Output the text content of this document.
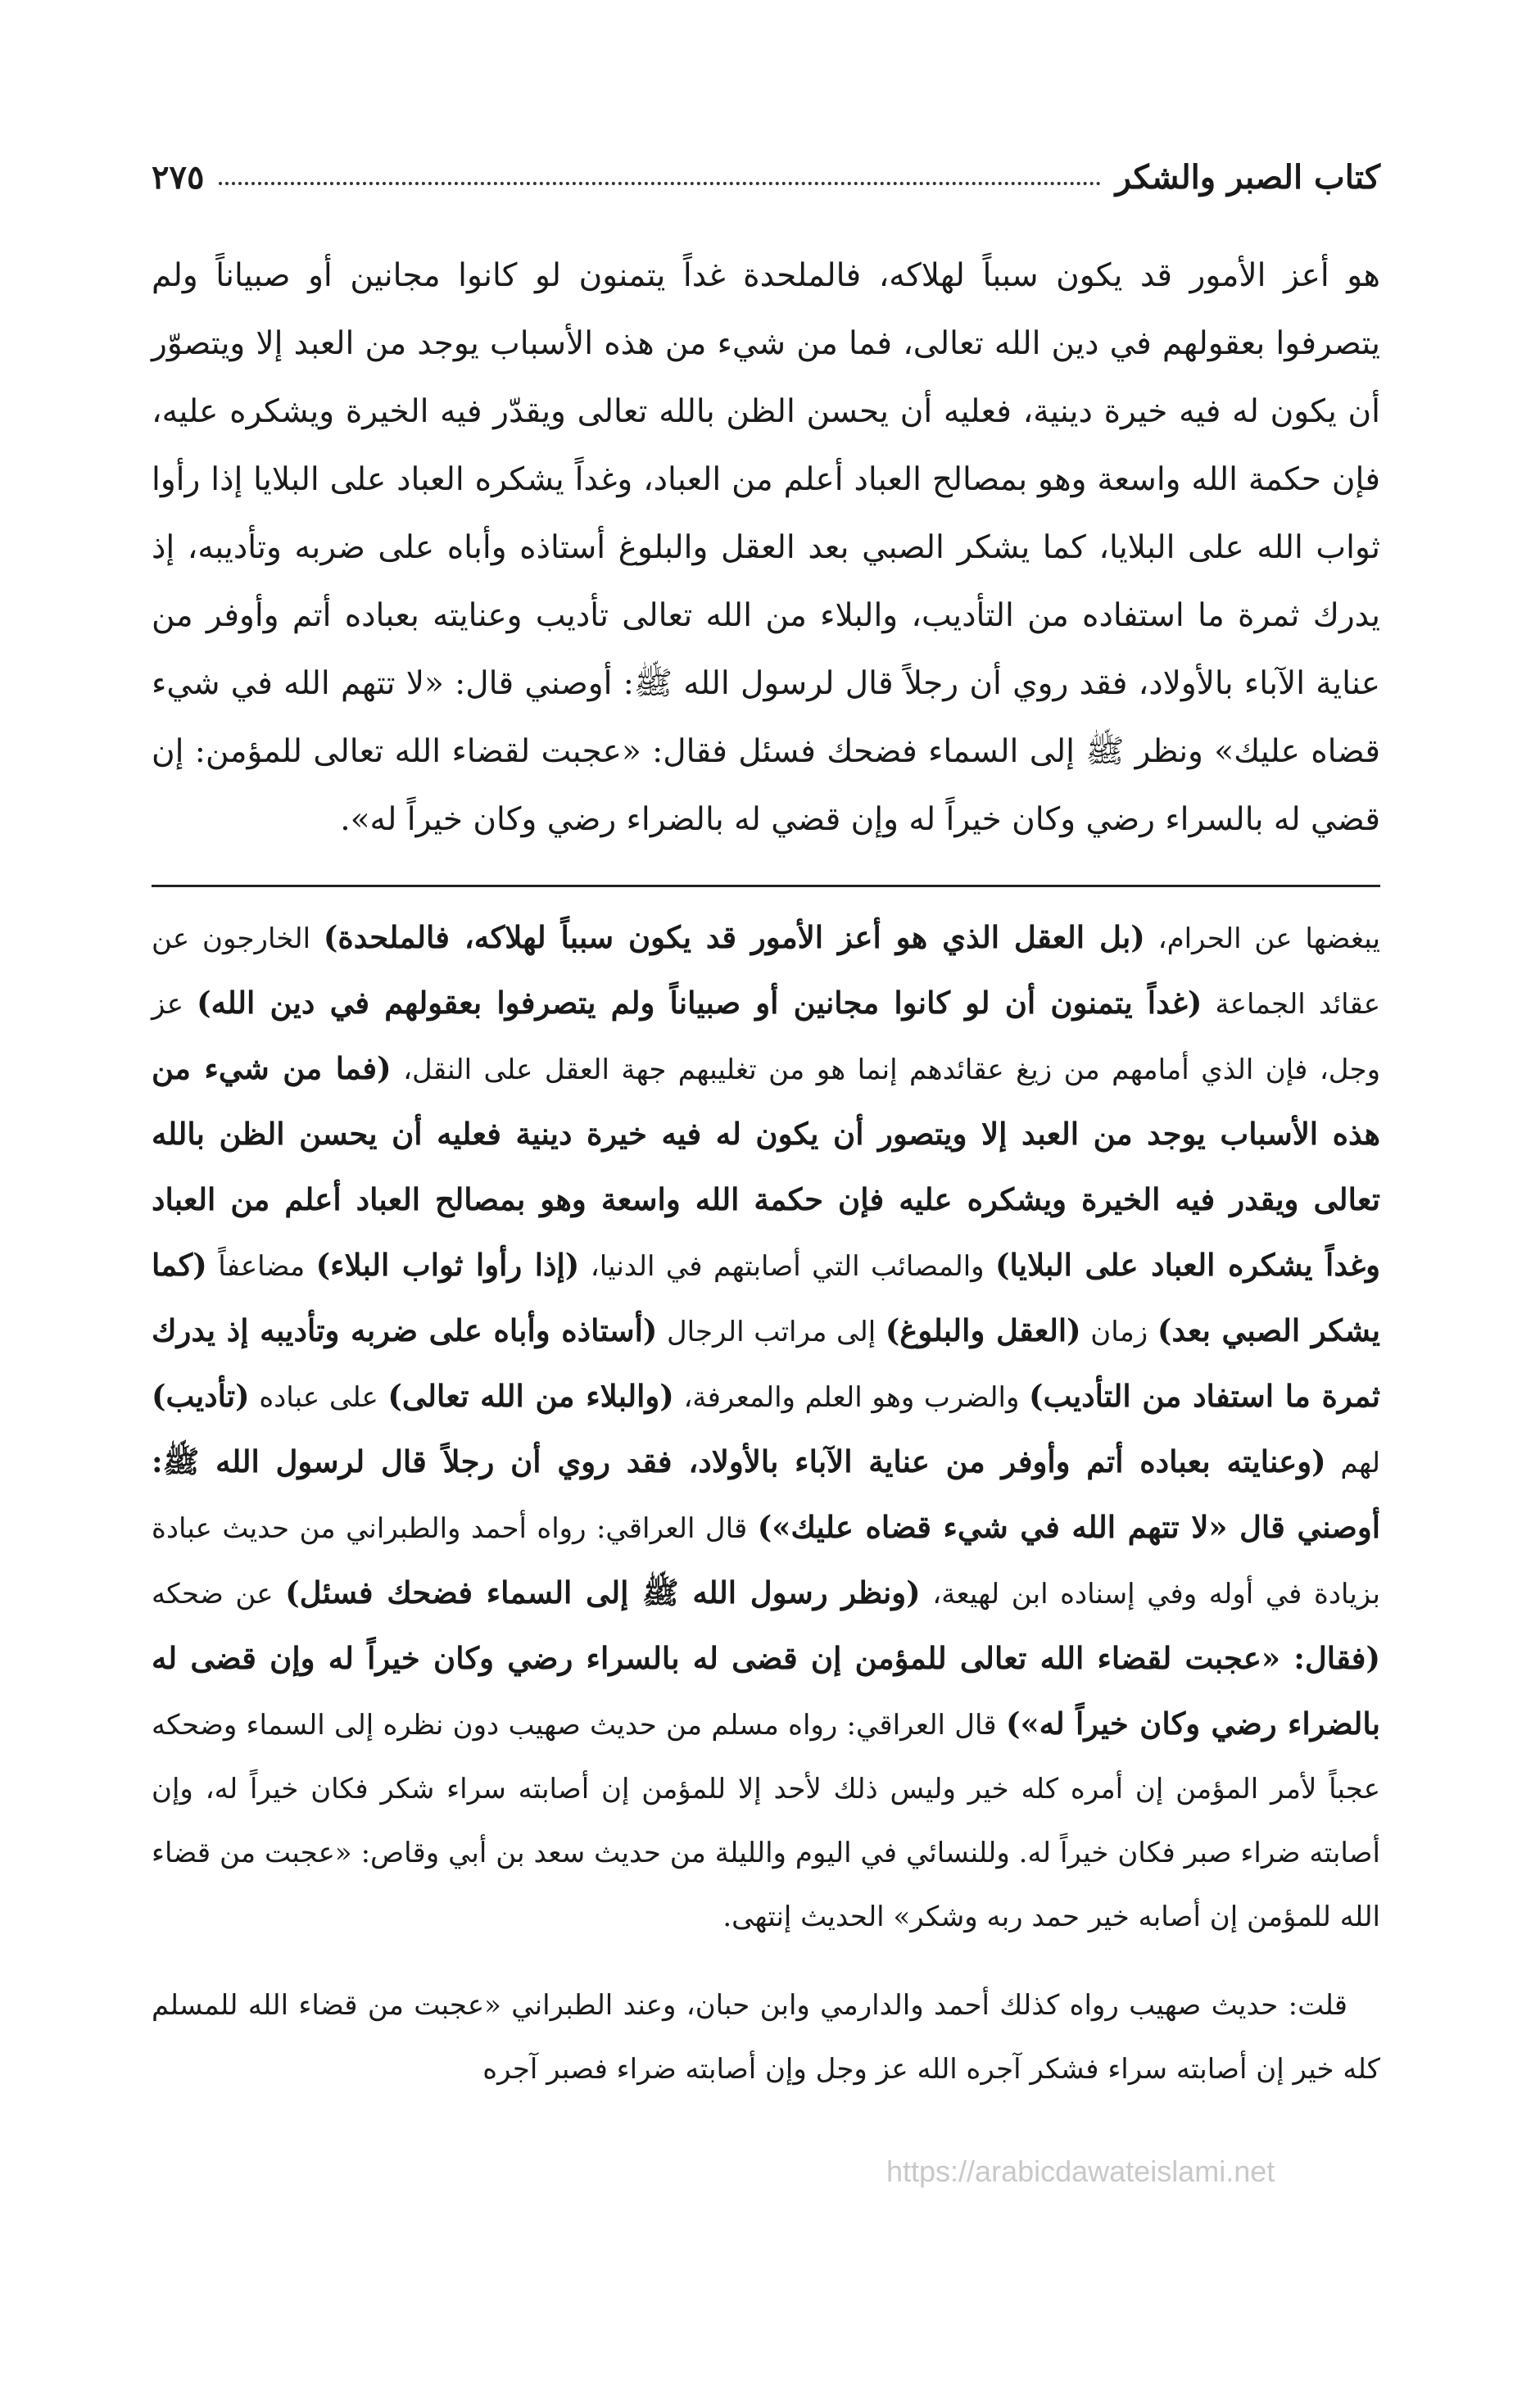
كتاب الصبر والشكر
٢٧٥

هو أعز الأمور قد يكون سبباً لهلاكه، فالملحدة غداً يتمنون لو كانوا مجانين أو صبياناً ولم يتصرفوا بعقولهم في دين الله تعالى، فما من شيء من هذه الأسباب يوجد من العبد إلا ويتصوّر أن يكون له فيه خيرة دينية، فعليه أن يحسن الظن بالله تعالى ويقدّر فيه الخيرة ويشكره عليه، فإن حكمة الله واسعة وهو بمصالح العباد أعلم من العباد، وغداً يشكره العباد على البلايا إذا رأوا ثواب الله على البلايا، كما يشكر الصبي بعد العقل والبلوغ أستاذه وأباه على ضربه وتأديبه، إذ يدرك ثمرة ما استفاده من التأديب، والبلاء من الله تعالى تأديب وعنايته بعباده أتم وأوفر من عناية الآباء بالأولاد، فقد روي أن رجلاً قال لرسول الله ﷺ: أوصني قال: «لا تتهم الله في شيء قضاه عليك» ونظر ﷺ إلى السماء فضحك فسئل فقال: «عجبت لقضاء الله تعالى للمؤمن: إن قضي له بالسراء رضي وكان خيراً له وإن قضي له بالضراء رضي وكان خيراً له».

يبغضها عن الحرام، (بل العقل الذي هو أعز الأمور قد يكون سبباً لهلاكه، فالملحدة) الخارجون عن عقائد الجماعة (غداً يتمنون أن لو كانوا مجانين أو صبياناً ولم يتصرفوا بعقولهم في دين الله) عز وجل، فإن الذي أمامهم من زيغ عقائدهم إنما هو من تغليبهم جهة العقل على النقل، (فما من شيء من هذه الأسباب يوجد من العبد إلا ويتصور أن يكون له فيه خيرة دينية فعليه أن يحسن الظن بالله تعالى ويقدر فيه الخيرة ويشكره عليه فإن حكمة الله واسعة وهو بمصالح العباد أعلم من العباد وغداً يشكره العباد على البلايا) والمصائب التي أصابتهم في الدنيا، (إذا رأوا ثواب البلاء) مضاعفاً (كما يشكر الصبي بعد) زمان (العقل والبلوغ) إلى مراتب الرجال (أستاذه وأباه على ضربه وتأديبه إذ يدرك ثمرة ما استفاد من التأديب) والضرب وهو العلم والمعرفة، (والبلاء من الله تعالى) على عباده (تأديب) لهم (وعنايته بعباده أتم وأوفر من عناية الآباء بالأولاد، فقد روي أن رجلاً قال لرسول الله ﷺ: أوصني قال «لا تتهم الله في شيء قضاه عليك») قال العراقي: رواه أحمد والطبراني من حديث عبادة بزيادة في أوله وفي إسناده ابن لهيعة، (ونظر رسول الله ﷺ إلى السماء فضحك فسئل) عن ضحكه (فقال: «عجبت لقضاء الله تعالى للمؤمن إن قضى له بالسراء رضي وكان خيراً له وإن قضى له بالضراء رضي وكان خيراً له») قال العراقي: رواه مسلم من حديث صهيب دون نظره إلى السماء وضحكه عجباً لأمر المؤمن إن أمره كله خير وليس ذلك لأحد إلا للمؤمن إن أصابته سراء شكر فكان خيراً له، وإن أصابته ضراء صبر فكان خيراً له. وللنسائي في اليوم والليلة من حديث سعد بن أبي وقاص: «عجبت من قضاء الله للمؤمن إن أصابه خير حمد ربه وشكر» الحديث إنتهى.

قلت: حديث صهيب رواه كذلك أحمد والدارمي وابن حبان، وعند الطبراني «عجبت من قضاء الله للمسلم كله خير إن أصابته سراء فشكر آجره الله عز وجل وإن أصابته ضراء فصبر آجره
https://arabicdawateislami.net
